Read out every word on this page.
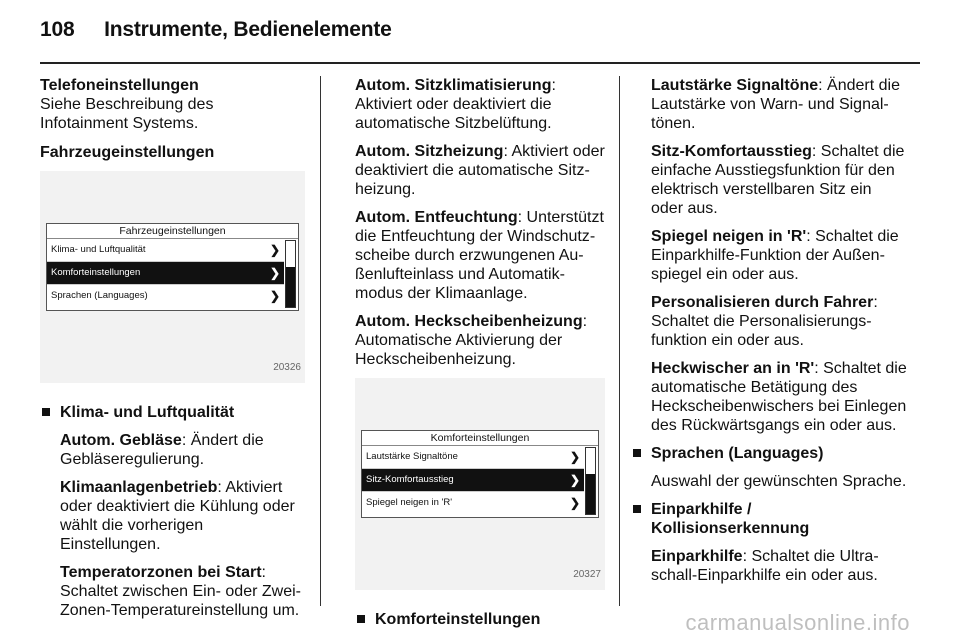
108 Instrumente, Bedienelemente

Telefoneinstellungen
Siehe Beschreibung des Infotainment Systems.

Fahrzeugeinstellungen

Fahrzeugeinstellungen
Klima- und Luftqualität	❯
Komforteinstellungen	❯
Sprachen (Languages)	❯
20326
Klima- und Luftqualität

Autom. Gebläse: Ändert die Gebläseregulierung.

Klimaanlagenbetrieb: Aktiviert oder deaktiviert die Kühlung oder wählt die vorherigen Einstellungen.

Temperatorzonen bei Start: Schaltet zwischen Ein- oder Zwei-Zonen-Temperatureinstellung um.

Autom. Sitzklimatisierung: Aktiviert oder deaktiviert die automatische Sitzbelüftung.

Autom. Sitzheizung: Aktiviert oder deaktiviert die automatische Sitzheizung.

Autom. Entfeuchtung: Unterstützt die Entfeuchtung der Windschutzscheibe durch erzwungenen Außenlufteinlass und Automatikmodus der Klimaanlage.

Autom. Heckscheibenheizung: Automatische Aktivierung der Heckscheibenheizung.

Komforteinstellungen
Lautstärke Signaltöne	❯
Sitz-Komfortausstieg	❯
Spiegel neigen in 'R'	❯
20327
Komforteinstellungen

Lautstärke Signaltöne: Ändert die Lautstärke von Warn- und Signaltönen.

Sitz-Komfortausstieg: Schaltet die einfache Ausstiegsfunktion für den elektrisch verstellbaren Sitz ein oder aus.

Spiegel neigen in 'R': Schaltet die Einparkhilfe-Funktion der Außenspiegel ein oder aus.

Personalisieren durch Fahrer: Schaltet die Personalisierungsfunktion ein oder aus.

Heckwischer an in 'R': Schaltet die automatische Betätigung des Heckscheibenwischers bei Einlegen des Rückwärtsgangs ein oder aus.

Sprachen (Languages)

Auswahl der gewünschten Sprache.

Einparkhilfe / Kollisionserkennung

Einparkhilfe: Schaltet die Ultraschall-Einparkhilfe ein oder aus.

carmanualsonline.info
